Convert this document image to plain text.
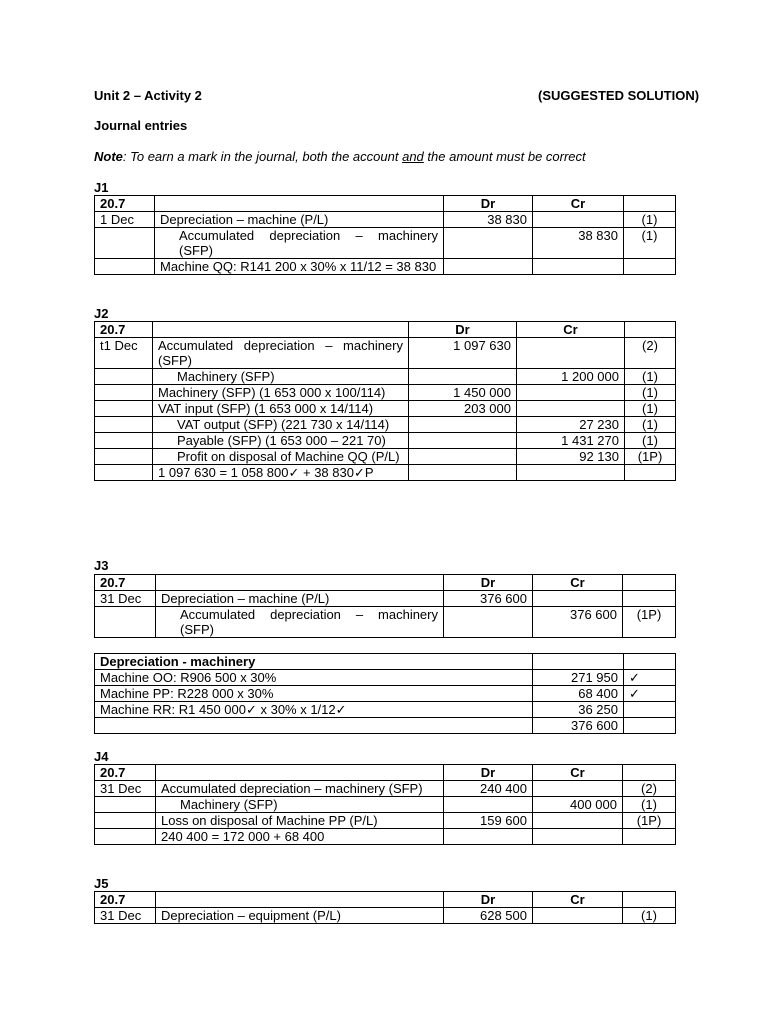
Unit 2 – Activity 2	(SUGGESTED SOLUTION)
Journal entries
Note: To earn a mark in the journal, both the account and the amount must be correct
J1
20.7		Dr	Cr	
1 Dec	Depreciation – machine (P/L)	38 830		(1)
	Accumulated depreciation – machinery (SFP)		38 830	(1)
	Machine QQ: R141 200 x 30% x 11/12 = 38 830			
J2
20.7		Dr	Cr	
t1 Dec	Accumulated depreciation – machinery (SFP)	1 097 630		(2)
	Machinery (SFP)		1 200 000	(1)
	Machinery (SFP) (1 653 000 x 100/114)	1 450 000		(1)
	VAT input (SFP) (1 653 000 x 14/114)	203 000		(1)
	VAT output (SFP) (221 730 x 14/114)		27 230	(1)
	Payable (SFP) (1 653 000 – 221 70)		1 431 270	(1)
	Profit on disposal of Machine QQ (P/L)		92 130	(1P)
	1 097 630 = 1 058 800✓ + 38 830✓P			
J3
20.7		Dr	Cr	
31 Dec	Depreciation – machine (P/L)	376 600		
	Accumulated depreciation – machinery (SFP)		376 600	(1P)
Depreciation - machinery		
Machine OO: R906 500 x 30%	271 950	✓
Machine PP: R228 000 x 30%	68 400	✓
Machine RR: R1 450 000✓ x 30% x 1/12✓	36 250	
	376 600	
J4
20.7		Dr	Cr	
31 Dec	Accumulated depreciation – machinery (SFP)	240 400		(2)
	Machinery (SFP)		400 000	(1)
	Loss on disposal of Machine PP (P/L)	159 600		(1P)
	240 400 = 172 000 + 68 400			
J5
20.7		Dr	Cr	
31 Dec	Depreciation – equipment (P/L)	628 500		(1)
